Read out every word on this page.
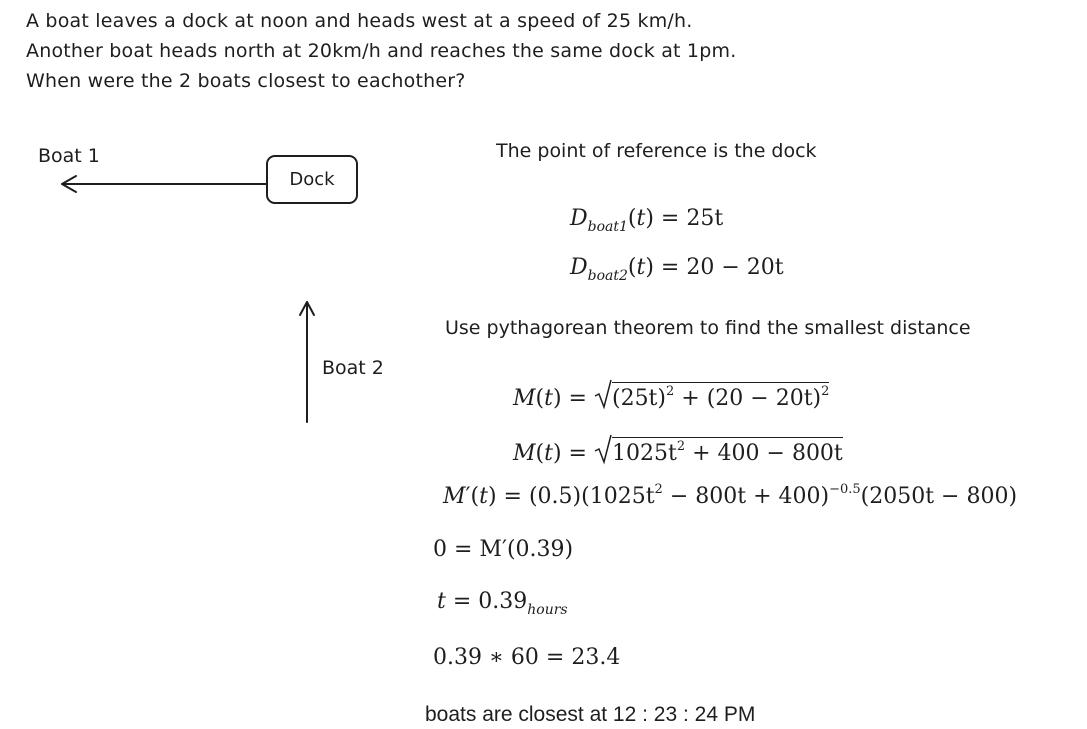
A boat leaves a dock at noon and heads west at a speed of 25 km/h.
Another boat heads north at 20km/h and reaches the same dock at 1pm.
When were the 2 boats closest to eachother?
Boat 1
Dock
Boat 2
The point of reference is the dock
Use pythagorean theorem to find the smallest distance
$D_{boat1}(t) = 25t$
$D_{boat2}(t) = 20 - 20t$
M(t) =
$(25t)^2 + (20 - 20t)^2$
M(t) =
$1025t^2 + 400 - 800t$
$M'(t) = (0.5)(1025t^2 - 800t + 400)^{-0.5}(2050t - 800)$
0 = M′(0.39)
$t = 0.39_{hours}$
0.39 ∗ 60 = 23.4
boats are closest at 12 : 23 : 24 PM
